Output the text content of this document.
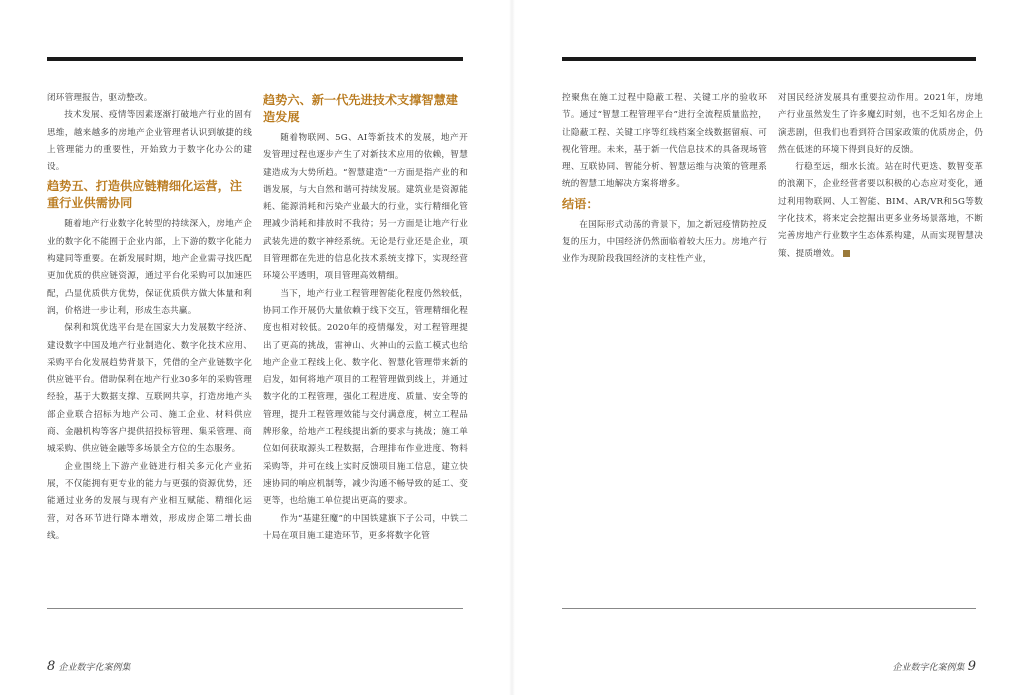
闭环管理报告，驱动整改。

技术发展、疫情等因素逐渐打破地产行业的固有思维，越来越多的房地产企业管理者认识到敏捷的线上管理能力的重要性，开始致力于数字化办公的建设。

趋势五、打造供应链精细化运营，注重行业供需协同

随着地产行业数字化转型的持续深入，房地产企业的数字化不能囿于企业内部，上下游的数字化能力构建同等重要。在新发展时期，地产企业需寻找匹配更加优质的供应链资源，通过平台化采购可以加速匹配，凸显优质供方优势，保证优质供方做大体量和利润，价格进一步让利，形成生态共赢。

保利和筑优选平台是在国家大力发展数字经济、建设数字中国及地产行业制造化、数字化技术应用、采购平台化发展趋势背景下，凭借的全产业链数字化供应链平台。借助保利在地产行业30多年的采购管理经验，基于大数据支撑、互联网共享，打造房地产头部企业联合招标为地产公司、施工企业、材料供应商、金融机构等客户提供招投标管理、集采管理、商城采购、供应链金融等多场景全方位的生态服务。

企业围绕上下游产业链进行相关多元化产业拓展，不仅能拥有更专业的能力与更强的资源优势，还能通过业务的发展与现有产业相互赋能、精细化运营，对各环节进行降本增效，形成房企第二增长曲线。

趋势六、新一代先进技术支撑智慧建造发展

随着物联网、5G、AI等新技术的发展，地产开发管理过程也逐步产生了对新技术应用的依赖，智慧建造成为大势所趋。“智慧建造”一方面是指产业的和谐发展，与大自然和谐可持续发展。建筑业是资源能耗、能源消耗和污染产业最大的行业，实行精细化管理减少消耗和排放时不我待；另一方面是让地产行业武装先进的数字神经系统。无论是行业还是企业，项目管理都在先进的信息化技术系统支撑下，实现经营环境公平透明，项目管理高效精细。

当下，地产行业工程管理智能化程度仍然较低，协同工作开展仍大量依赖于线下交互，管理精细化程度也相对较低。2020年的疫情爆发，对工程管理提出了更高的挑战，雷神山、火神山的云监工模式也给地产企业工程线上化、数字化、智慧化管理带来新的启发，如何将地产项目的工程管理做到线上，并通过数字化的工程管理，强化工程进度、质量、安全等的管理，提升工程管理效能与交付满意度，树立工程品牌形象，给地产工程线提出新的要求与挑战；施工单位如何获取源头工程数据，合理排布作业进度、物料采购等，并可在线上实时反馈项目施工信息，建立快速协同的响应机制等，减少沟通不畅导致的延工、变更等，也给施工单位提出更高的要求。

作为“基建狂魔”的中国铁建旗下子公司，中铁二十局在项目施工建造环节，更多将数字化管

8 企业数字化案例集

控聚焦在施工过程中隐蔽工程、关键工序的验收环节。通过“智慧工程管理平台”进行全流程质量监控，让隐蔽工程、关键工序等红线档案全线数据留痕、可视化管理。未来，基于新一代信息技术的具备现场管理、互联协同、智能分析、智慧运维与决策的管理系统的智慧工地解决方案将增多。

结语：

在国际形式动荡的背景下，加之新冠疫情防控反复的压力，中国经济仍然面临着较大压力。房地产行业作为现阶段我国经济的支柱性产业，

对国民经济发展具有重要拉动作用。2021年，房地产行业虽然发生了许多魔幻时刻，也不乏知名房企上演悲剧，但我们也看到符合国家政策的优质房企，仍然在低迷的环境下得到良好的反馈。

行稳至远，细水长流。站在时代更迭、数智变革的浪潮下，企业经营者要以积极的心态应对变化，通过利用物联网、人工智能、BIM、AR/VR和5G等数字化技术，将来定会挖掘出更多业务场景落地，不断完善房地产行业数字生态体系构建，从而实现智慧决策、提质增效。

企业数字化案例集 9
